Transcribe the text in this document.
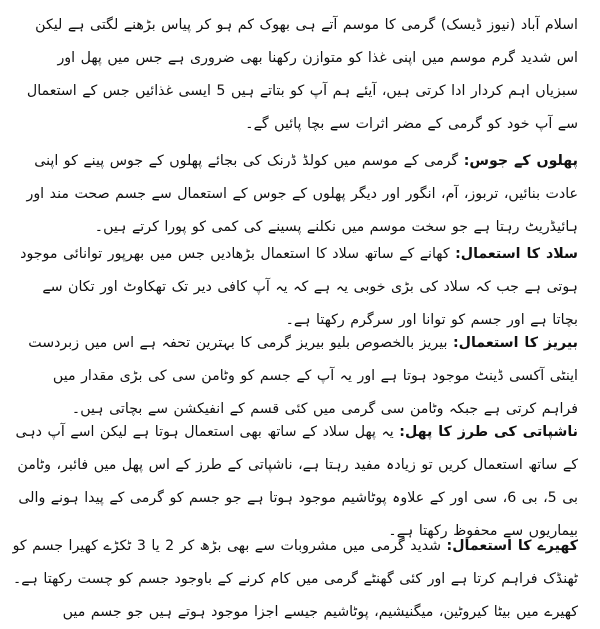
اسلام آباد (نیوز ڈیسک) گرمی کا موسم آتے ہی بھوک کم ہو کر پیاس بڑھنے لگتی ہے لیکن اس شدید گرم موسم میں اپنی غذا کو متوازن رکھنا بھی ضروری ہے جس میں پھل اور سبزیاں اہم کردار ادا کرتی ہیں، آیئے ہم آپ کو بتاتے ہیں 5 ایسی غذائیں جس کے استعمال سے آپ خود کو گرمی کے مضر اثرات سے بچا پائیں گے۔

پھلوں کے جوس: گرمی کے موسم میں کولڈ ڈرنک کی بجائے پھلوں کے جوس پینے کو اپنی عادت بنائیں، تربوز، آم، انگور اور دیگر پھلوں کے جوس کے استعمال سے جسم صحت مند اور ہائیڈریٹ رہتا ہے جو سخت موسم میں نکلنے پسینے کی کمی کو پورا کرتے ہیں۔

سلاد کا استعمال: کھانے کے ساتھ سلاد کا استعمال بڑھادیں جس میں بھرپور توانائی موجود ہوتی ہے جب کہ سلاد کی بڑی خوبی یہ ہے کہ یہ آپ کافی دیر تک تھکاوٹ اور تکان سے بچاتا ہے اور جسم کو توانا اور سرگرم رکھتا ہے۔

بیریز کا استعمال: بیریز بالخصوص بلیو بیریز گرمی کا بہترین تحفہ ہے اس میں زبردست اینٹی آکسی ڈینٹ موجود ہوتا ہے اور یہ آپ کے جسم کو وٹامن سی کی بڑی مقدار میں فراہم کرتی ہے جبکہ وٹامن سی گرمی میں کئی قسم کے انفیکشن سے بچاتی ہیں۔

ناشپاتی کی طرز کا پھل: یہ پھل سلاد کے ساتھ بھی استعمال ہوتا ہے لیکن اسے آپ دہی کے ساتھ استعمال کریں تو زیادہ مفید رہتا ہے، ناشپاتی کے طرز کے اس پھل میں فائبر، وٹامن بی 5، بی 6، سی اور کے علاوہ پوٹاشیم موجود ہوتا ہے جو جسم کو گرمی کے پیدا ہونے والی بیماریوں سے محفوظ رکھتا ہے۔

کھیرے کا استعمال: شدید گرمی میں مشروبات سے بھی بڑھ کر 2 یا 3 ٹکڑے کھیرا جسم کو ٹھنڈک فراہم کرتا ہے اور کئی گھنٹے گرمی میں کام کرنے کے باوجود جسم کو چست رکھتا ہے۔ کھیرے میں بیٹا کیروٹین، میگنیشیم، پوٹاشیم جیسے اجزا موجود ہوتے ہیں جو جسم میں
